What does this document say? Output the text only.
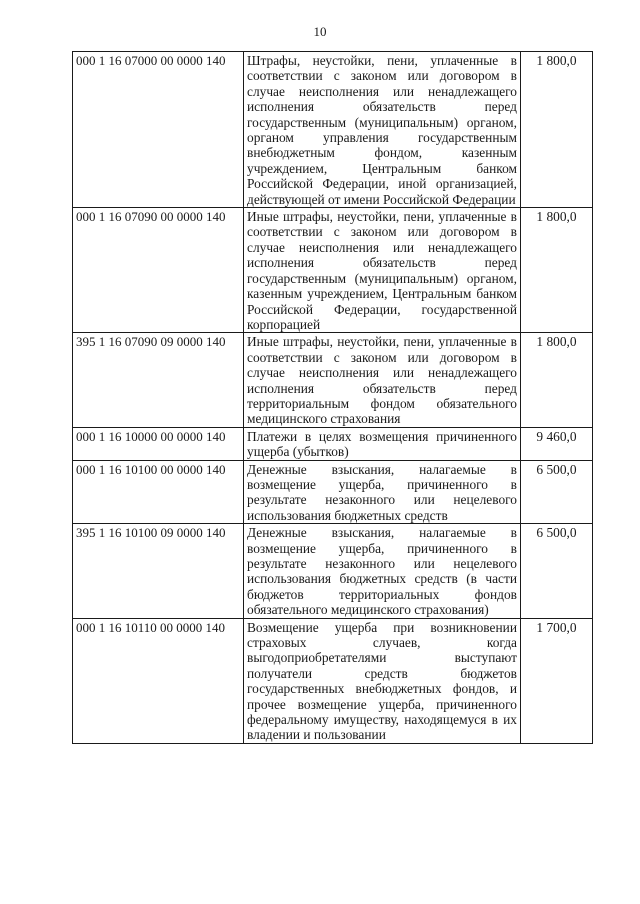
10
000 1 16 07000 00 0000 140	Штрафы, неустойки, пени, уплаченные в соответствии с законом или договором в случае неисполнения или ненадлежащего исполнения обязательств перед государственным (муниципальным) органом, органом управления государственным внебюджетным фондом, казенным учреждением, Центральным банком Российской Федерации, иной организацией, действующей от имени Российской Федерации	1 800,0
000 1 16 07090 00 0000 140	Иные штрафы, неустойки, пени, уплаченные в соответствии с законом или договором в случае неисполнения или ненадлежащего исполнения обязательств перед государственным (муниципальным) органом, казенным учреждением, Центральным банком Российской Федерации, государственной корпорацией	1 800,0
395 1 16 07090 09 0000 140	Иные штрафы, неустойки, пени, уплаченные в соответствии с законом или договором в случае неисполнения или ненадлежащего исполнения обязательств перед территориальным фондом обязательного медицинского страхования	1 800,0
000 1 16 10000 00 0000 140	Платежи в целях возмещения причиненного ущерба (убытков)	9 460,0
000 1 16 10100 00 0000 140	Денежные взыскания, налагаемые в возмещение ущерба, причиненного в результате незаконного или нецелевого использования бюджетных средств	6 500,0
395 1 16 10100 09 0000 140	Денежные взыскания, налагаемые в возмещение ущерба, причиненного в результате незаконного или нецелевого использования бюджетных средств (в части бюджетов территориальных фондов обязательного медицинского страхования)	6 500,0
000 1 16 10110 00 0000 140	Возмещение ущерба при возникновении страховых случаев, когда выгодоприобретателями выступают получатели средств бюджетов государственных внебюджетных фондов, и прочее возмещение ущерба, причиненного федеральному имуществу, находящемуся в их владении и пользовании	1 700,0
